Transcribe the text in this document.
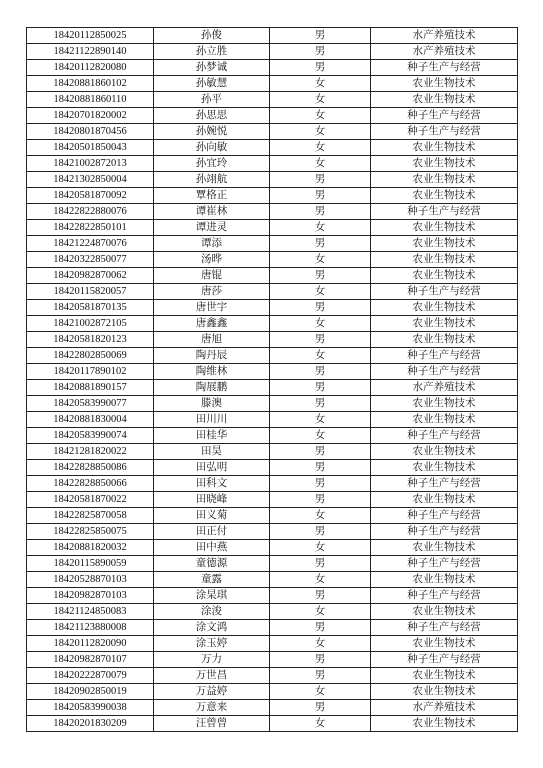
18420112850025	孙俊	男	水产养殖技术
18421122890140	孙立胜	男	水产养殖技术
18420112820080	孙梦诚	男	种子生产与经营
18420881860102	孙敏慧	女	农业生物技术
18420881860110	孙平	女	农业生物技术
18420701820002	孙思思	女	种子生产与经营
18420801870456	孙婉悦	女	种子生产与经营
18420501850043	孙向敏	女	农业生物技术
18421002872013	孙宜玲	女	农业生物技术
18421302850004	孙翊航	男	农业生物技术
18420581870092	覃格正	男	农业生物技术
18422822880076	谭崔林	男	种子生产与经营
18422822850101	谭进灵	女	农业生物技术
18421224870076	谭添	男	农业生物技术
18420322850077	汤晔	女	农业生物技术
18420982870062	唐锟	男	农业生物技术
18420115820057	唐莎	女	种子生产与经营
18420581870135	唐世宇	男	农业生物技术
18421002872105	唐鑫鑫	女	农业生物技术
18420581820123	唐旭	男	农业生物技术
18422802850069	陶丹辰	女	种子生产与经营
18420117890102	陶维林	男	种子生产与经营
18420881890157	陶展鹏	男	水产养殖技术
18420583990077	滕澳	男	农业生物技术
18420881830004	田川川	女	农业生物技术
18420583990074	田桂华	女	种子生产与经营
18421281820022	田昊	男	农业生物技术
18422828850086	田弘明	男	农业生物技术
18422828850066	田科文	男	种子生产与经营
18420581870022	田晓峰	男	农业生物技术
18422825870058	田义菊	女	种子生产与经营
18422825850075	田正付	男	种子生产与经营
18420881820032	田中燕	女	农业生物技术
18420115890059	童德源	男	种子生产与经营
18420528870103	童露	女	农业生物技术
18420982870103	涂杲琪	男	种子生产与经营
18421124850083	涂浚	女	农业生物技术
18421123880008	涂文鸿	男	种子生产与经营
18420112820090	涂玉婷	女	农业生物技术
18420982870107	万力	男	种子生产与经营
18420222870079	万世昌	男	农业生物技术
18420902850019	万益婷	女	农业生物技术
18420583990038	万意来	男	水产养殖技术
18420201830209	汪曾曾	女	农业生物技术
